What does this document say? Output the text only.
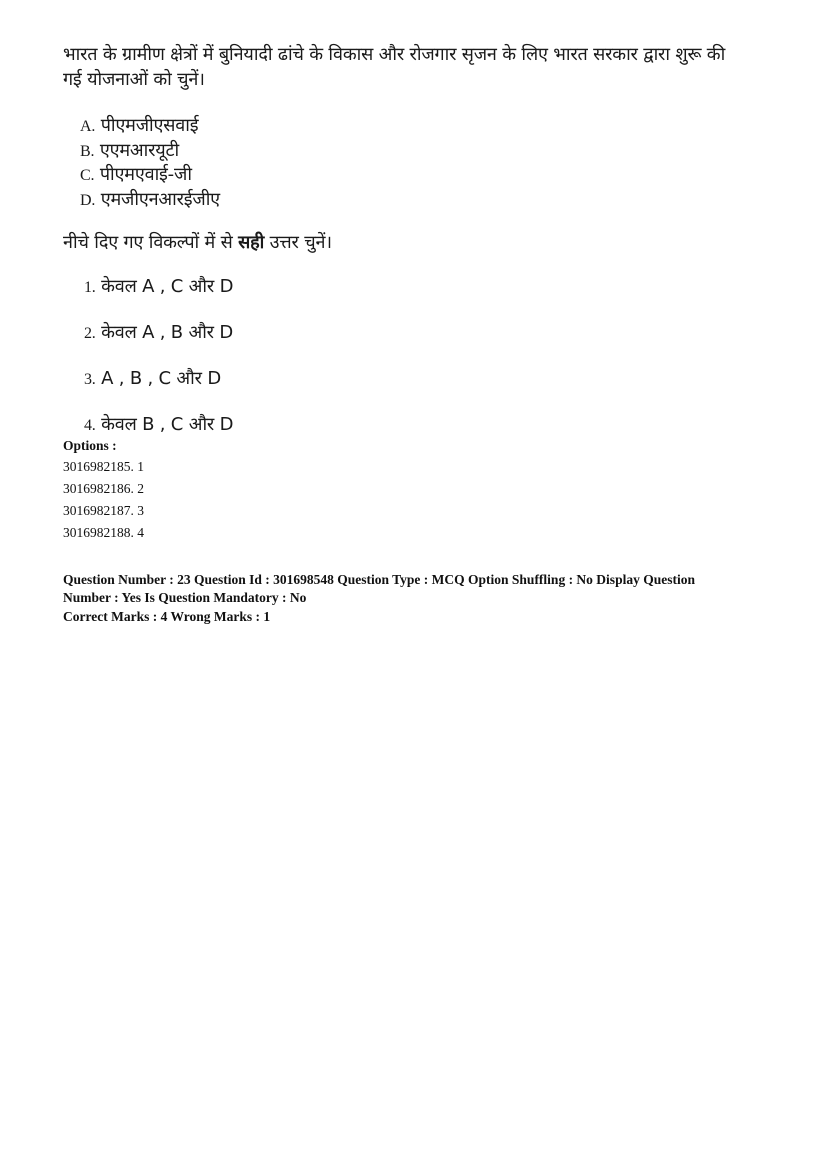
भारत के ग्रामीण क्षेत्रों में बुनियादी ढांचे के विकास और रोजगार सृजन के लिए भारत सरकार द्वारा शुरू की
गई योजनाओं को चुनें।
A. पीएमजीएसवाई
B. एएमआरयूटी
C. पीएमएवाई-जी
D. एमजीएनआरईजीए
नीचे दिए गए विकल्पों में से सही उत्तर चुनें।
1. केवल A , C और D
2. केवल A , B और D
3. A , B , C और D
4. केवल B , C और D
Options :
3016982185. 1
3016982186. 2
3016982187. 3
3016982188. 4
Question Number : 23 Question Id : 301698548 Question Type : MCQ Option Shuffling : No Display Question
Number : Yes Is Question Mandatory : No
Correct Marks : 4 Wrong Marks : 1
